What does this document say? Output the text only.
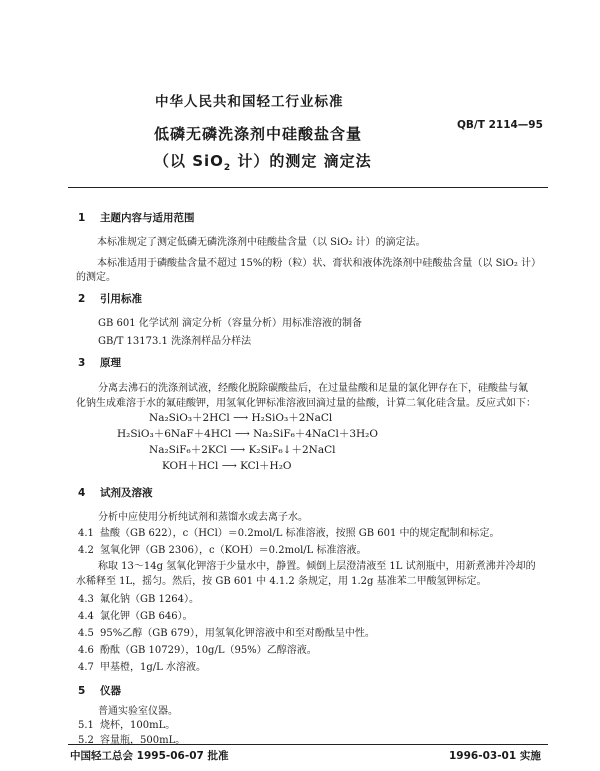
中华人民共和国轻工行业标准
QB/T 2114—95
低磷无磷洗涤剂中硅酸盐含量
（以 SiO$_2$ 计）的测定 滴定法
1 主题内容与适用范围
本标准规定了测定低磷无磷洗涤剂中硅酸盐含量（以 SiO₂ 计）的滴定法。
本标准适用于磷酸盐含量不超过 15%的粉（粒）状、膏状和液体洗涤剂中硅酸盐含量（以 SiO₂ 计）
的测定。
2 引用标准
GB 601 化学试剂 滴定分析（容量分析）用标准溶液的制备
GB/T 13173.1 洗涤剂样品分样法
3 原理
分离去沸石的洗涤剂试液，经酸化脱除碳酸盐后，在过量盐酸和足量的氯化钾存在下，硅酸盐与氟
化钠生成难溶于水的氟硅酸钾，用氢氧化钾标准溶液回滴过量的盐酸，计算二氧化硅含量。反应式如下：
Na₂SiO₃＋2HCl ⟶ H₂SiO₃＋2NaCl
H₂SiO₃＋6NaF＋4HCl ⟶ Na₂SiF₆＋4NaCl＋3H₂O
Na₂SiF₆＋2KCl ⟶ K₂SiF₆↓＋2NaCl
KOH＋HCl ⟶ KCl＋H₂O
4 试剂及溶液
分析中应使用分析纯试剂和蒸馏水或去离子水。
4.1 盐酸（GB 622），c（HCl）＝0.2mol/L 标准溶液，按照 GB 601 中的规定配制和标定。
4.2 氢氧化钾（GB 2306），c（KOH）＝0.2mol/L 标准溶液。
称取 13～14g 氢氧化钾溶于少量水中，静置。倾倒上层澄清液至 1L 试剂瓶中，用新煮沸并冷却的
水稀释至 1L，摇匀。然后，按 GB 601 中 4.1.2 条规定，用 1.2g 基准苯二甲酸氢钾标定。
4.3 氟化钠（GB 1264）。
4.4 氯化钾（GB 646）。
4.5 95%乙醇（GB 679），用氢氧化钾溶液中和至对酚酞呈中性。
4.6 酚酞（GB 10729），10g/L（95%）乙醇溶液。
4.7 甲基橙，1g/L 水溶液。
5 仪器
普通实验室仪器。
5.1 烧杯，100mL。
5.2 容量瓶，500mL。
中国轻工总会 1995-06-07 批准	1996-03-01 实施
